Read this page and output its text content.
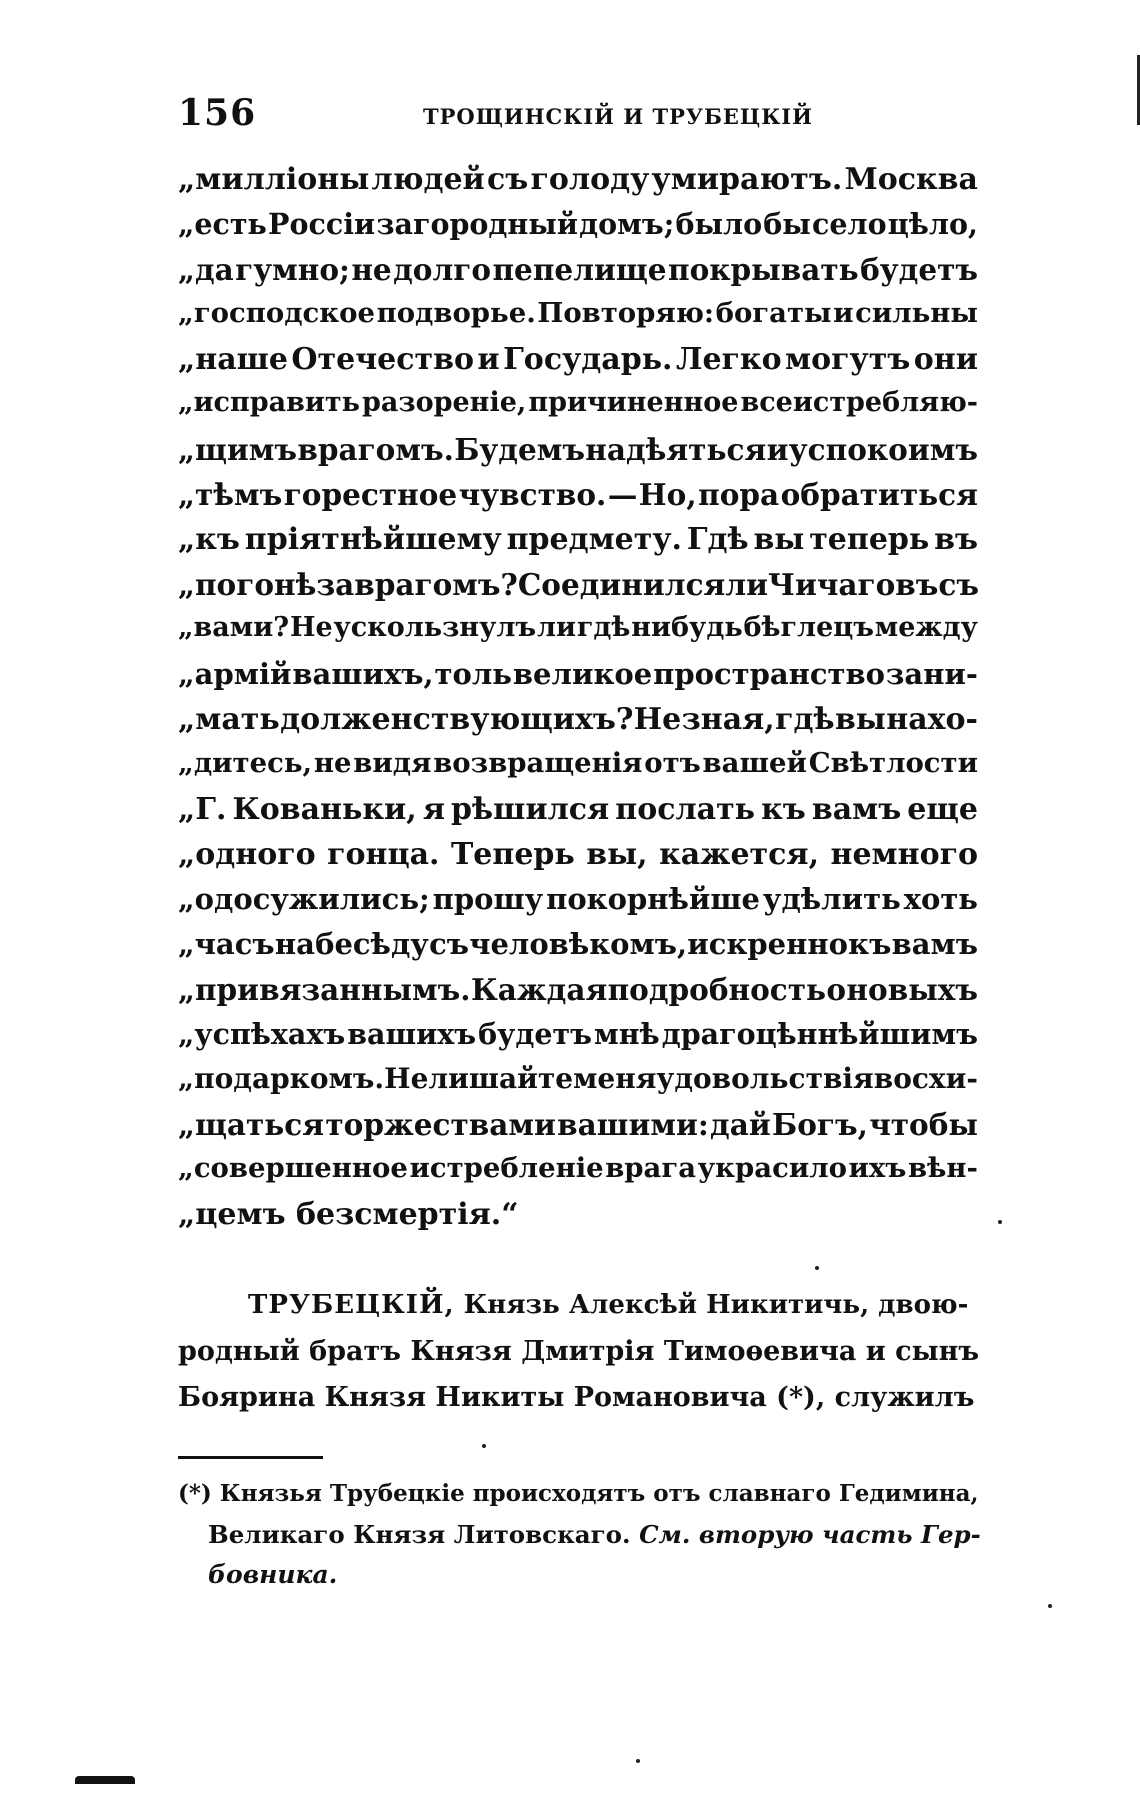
156	ТРОЩИНСКІЙ И ТРУБЕЦКІЙ
„милліоны людей съ голоду умираютъ. Москва
„есть Россіи загородный домъ; было бы село цѣло,
„да гумно; не долго пепелище покрывать будетъ
„господское подворье. Повторяю: богаты и сильны
„наше Отечество и Государь. Легко могутъ они
„исправить разореніе, причиненное всеистребляю-
„щимъ врагомъ. Будемъ надѣяться и успокоимъ
„тѣмъ горестное чувство. — Но, пора обратиться
„къ пріятнѣйшему предмету. Гдѣ вы теперь въ
„погонѣ за врагомъ? Соединился ли Чичаговъ съ
„вами? Не ускользнулъ ли гдѣ нибудь бѣглецъ между
„армій вашихъ, толь великое пространство зани-
„мать долженствующихъ? Не зная, гдѣ вы нахо-
„дитесь, не видя возвращенія отъ вашей Свѣтлости
„Г. Кованьки, я рѣшился послать къ вамъ еще
„одного гонца. Теперь вы, кажется, немного
„одосужились; прошу покорнѣйше удѣлить хоть
„часъ на бесѣду съ человѣкомъ, искренно къ вамъ
„привязаннымъ. Каждая подробность о новыхъ
„успѣхахъ вашихъ будетъ мнѣ драгоцѣннѣйшимъ
„подаркомъ. Не лишайте меня удовольствія восхи-
„щаться торжествами вашими: дай Богъ, чтобы
„совершенное истребленіе врага украсило ихъ вѣн-
„цемъ безсмертія.“
ТРУБЕЦКІЙ, Князь Алексѣй Никитичь, двою-
родный братъ Князя Дмитрія Тимоѳевича и сынъ
Боярина Князя Никиты Романовича (*), служилъ
(*) Князья Трубецкіе происходятъ отъ славнаго Гедимина,
Великаго Князя Литовскаго. См. вторую часть Гер-
бовника.
